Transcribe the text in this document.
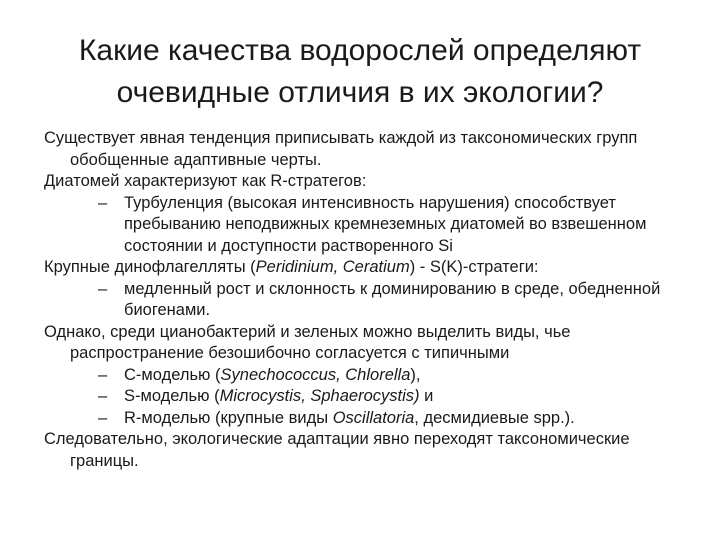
Какие качества водорослей определяют
очевидные отличия в их экологии?

Существует явная тенденция приписывать каждой из таксономических групп обобщенные адаптивные черты.

Диатомей характеризуют как R-стратегов:

– Турбуленция (высокая интенсивность нарушения) способствует пребыванию неподвижных кремнеземных диатомей во взвешенном состоянии и доступности растворенного Si

Крупные динофлагелляты (Peridinium, Ceratium) - S(K)-стратеги:

– медленный рост и склонность к доминированию в среде, обедненной биогенами.

Однако, среди цианобактерий и зеленых можно выделить виды, чье распространение безошибочно согласуется с типичными

– C-моделью (Synechococcus, Chlorella),

– S-моделью (Microcystis, Sphaerocystis) и

– R-моделью (крупные виды Oscillatoria, десмидиевые spp.).

Следовательно, экологические адаптации явно переходят таксономические границы.
